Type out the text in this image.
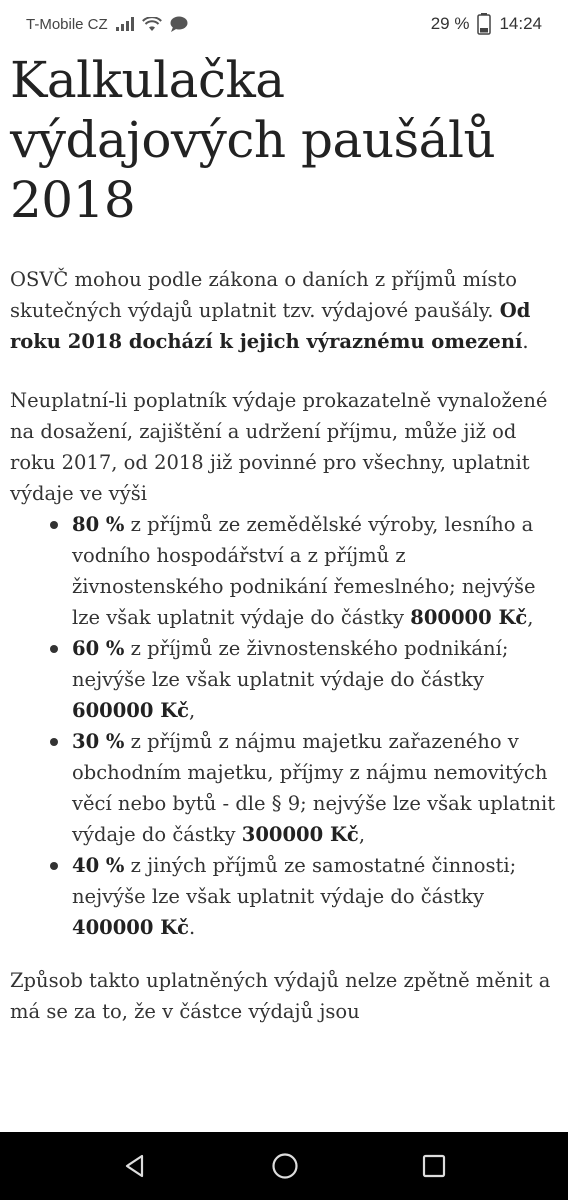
T-Mobile CZ	29 % 14:24
Kalkulačka výdajových paušálů 2018

OSVČ mohou podle zákona o daních z příjmů místo skutečných výdajů uplatnit tzv. výdajové paušály. Od roku 2018 dochází k jejich výraznému omezení.

Neuplatní-li poplatník výdaje prokazatelně vynaložené na dosažení, zajištění a udržení příjmu, může již od roku 2017, od 2018 již povinné pro všechny, uplatnit výdaje ve výši

80 % z příjmů ze zemědělské výroby, lesního a vodního hospodářství a z příjmů z živnostenského podnikání řemeslného; nejvýše lze však uplatnit výdaje do částky 800000 Kč,
60 % z příjmů ze živnostenského podnikání; nejvýše lze však uplatnit výdaje do částky 600000 Kč,
30 % z příjmů z nájmu majetku zařazeného v obchodním majetku, příjmy z nájmu nemovitých věcí nebo bytů - dle § 9; nejvýše lze však uplatnit výdaje do částky 300000 Kč,
40 % z jiných příjmů ze samostatné činnosti; nejvýše lze však uplatnit výdaje do částky 400000 Kč.

Způsob takto uplatněných výdajů nelze zpětně měnit a má se za to, že v částce výdajů jsou
